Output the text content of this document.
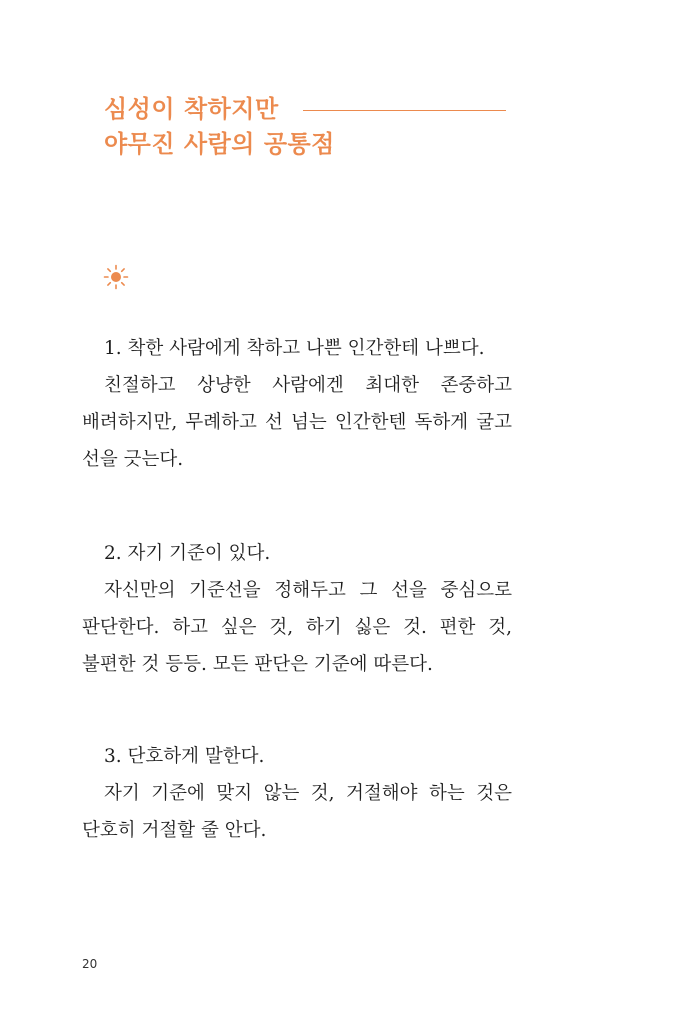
심성이 착하지만
야무진 사람의 공통점

1. 착한 사람에게 착하고 나쁜 인간한테 나쁘다.

친절하고 상냥한 사람에겐 최대한 존중하고 배려하지만, 무례하고 선 넘는 인간한텐 독하게 굴고 선을 긋는다.

2. 자기 기준이 있다.

자신만의 기준선을 정해두고 그 선을 중심으로 판단한다. 하고 싶은 것, 하기 싫은 것. 편한 것, 불편한 것 등등. 모든 판단은 기준에 따른다.

3. 단호하게 말한다.

자기 기준에 맞지 않는 것, 거절해야 하는 것은 단호히 거절할 줄 안다.

20
